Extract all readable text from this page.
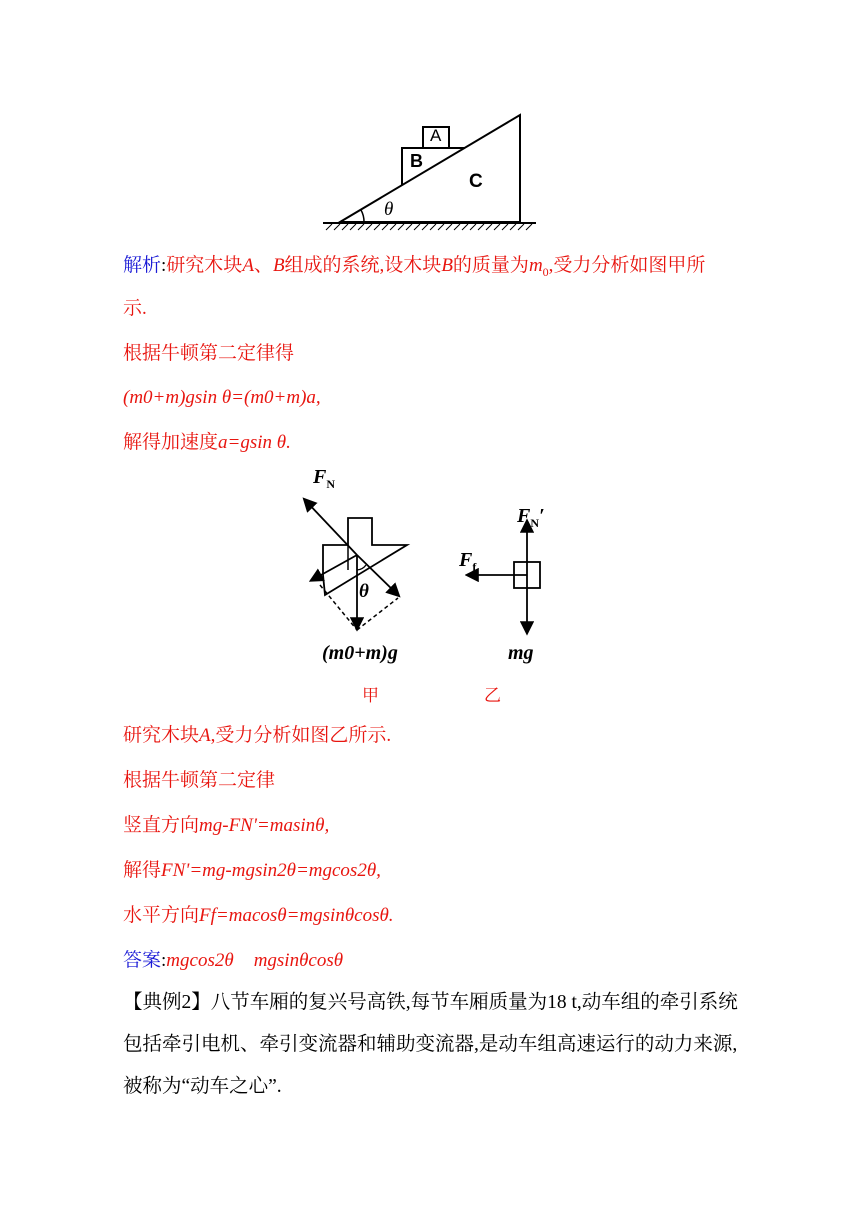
A
B
C
θ
解析:研究木块A、B组成的系统,设木块B的质量为$m_0$,受力分析如图甲所
示.
根据牛顿第二定律得
(m0+m)gsin θ=(m0+m)a,
解得加速度a=gsin θ.
$F_N$
θ
(m0+m)g
$F_N'$
$F_f$
mg
甲	乙
研究木块A,受力分析如图乙所示.
根据牛顿第二定律
竖直方向mg-FN'=masinθ,
解得FN'=mg-mgsin2θ=mgcos2θ,
水平方向Ff=macosθ=mgsinθcosθ.
答案:mgcos2θ mgsinθcosθ
【典例2】八节车厢的复兴号高铁,每节车厢质量为18 t,动车组的牵引系统包括牵引电机、牵引变流器和辅助变流器,是动车组高速运行的动力来源,被称为“动车之心”.
